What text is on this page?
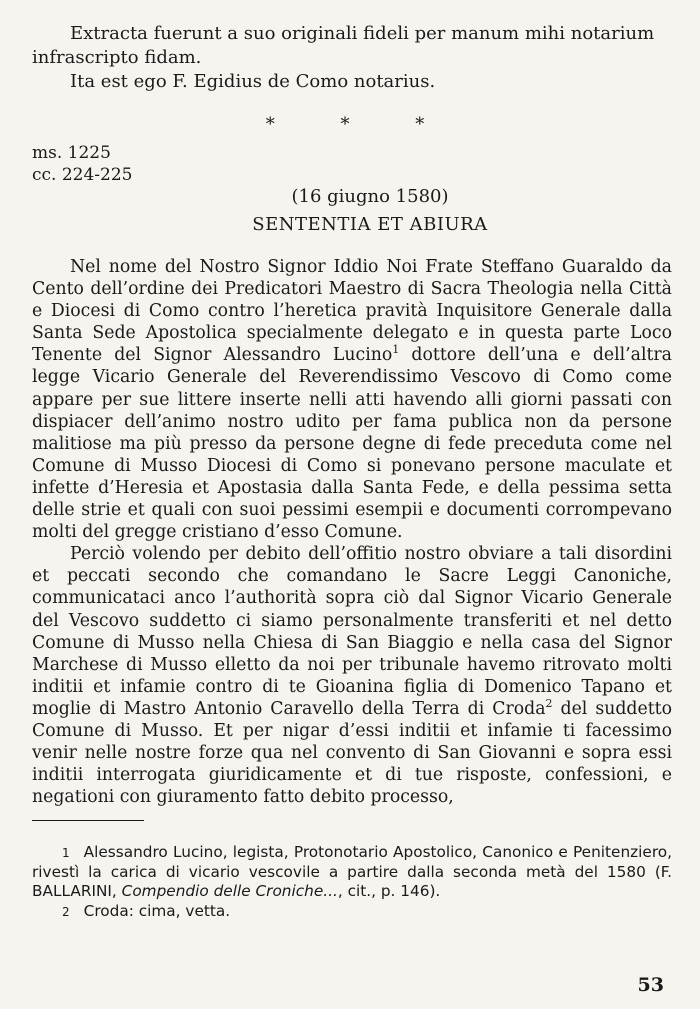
Extracta fuerunt a suo originali fideli per manum mihi notarium infrascripto fidam.

Ita est ego F. Egidius de Como notarius.

* * *
ms. 1225
cc. 224-225
(16 giugno 1580)
SENTENTIA ET ABIURA

Nel nome del Nostro Signor Iddio Noi Frate Steffano Guaraldo da Cento dell’ordine dei Predicatori Maestro di Sacra Theologia nella Città e Diocesi di Como contro l’heretica pravità Inquisitore Generale dalla Santa Sede Apostolica specialmente delegato e in questa parte Loco Tenente del Signor Alessandro Lucino$^1$ dottore dell’una e dell’altra legge Vicario Generale del Reverendissimo Vescovo di Como come appare per sue littere inserte nelli atti havendo alli giorni passati con dispiacer dell’animo nostro udito per fama publica non da persone malitiose ma più presso da persone degne di fede preceduta come nel Comune di Musso Diocesi di Como si ponevano persone maculate et infette d’Heresia et Apostasia dalla Santa Fede, e della pessima setta delle strie et quali con suoi pessimi esempii e documenti corrompevano molti del gregge cristiano d’esso Comune.

Perciò volendo per debito dell’offitio nostro obviare a tali disordini et peccati secondo che comandano le Sacre Leggi Canoniche, communicatacі anco l’authorità sopra ciò dal Signor Vicario Generale del Vescovo suddetto ci siamo personalmente transferiti et nel detto Comune di Musso nella Chiesa di San Biaggio e nella casa del Signor Marchese di Musso elletto da noi per tribunale havemo ritrovato molti inditii et infamie contro di te Gioanina figlia di Domenico Tapano et moglie di Mastro Antonio Caravello della Terra di Croda$^2$ del suddetto Comune di Musso. Et per nigar d’essi inditii et infamie ti facessimo venir nelle nostre forze qua nel convento di San Giovanni e sopra essi inditii interrogata giuridicamente et di tue risposte, confessioni, e negationi con giuramento fatto debito processo,

1 Alessandro Lucino, legista, Protonotario Apostolico, Canonico e Penitenziero, rivestì la carica di vicario vescovile a partire dalla seconda metà del 1580 (F. BALLARINI, Compendio delle Croniche..., cit., p. 146).

2 Croda: cima, vetta.

53
